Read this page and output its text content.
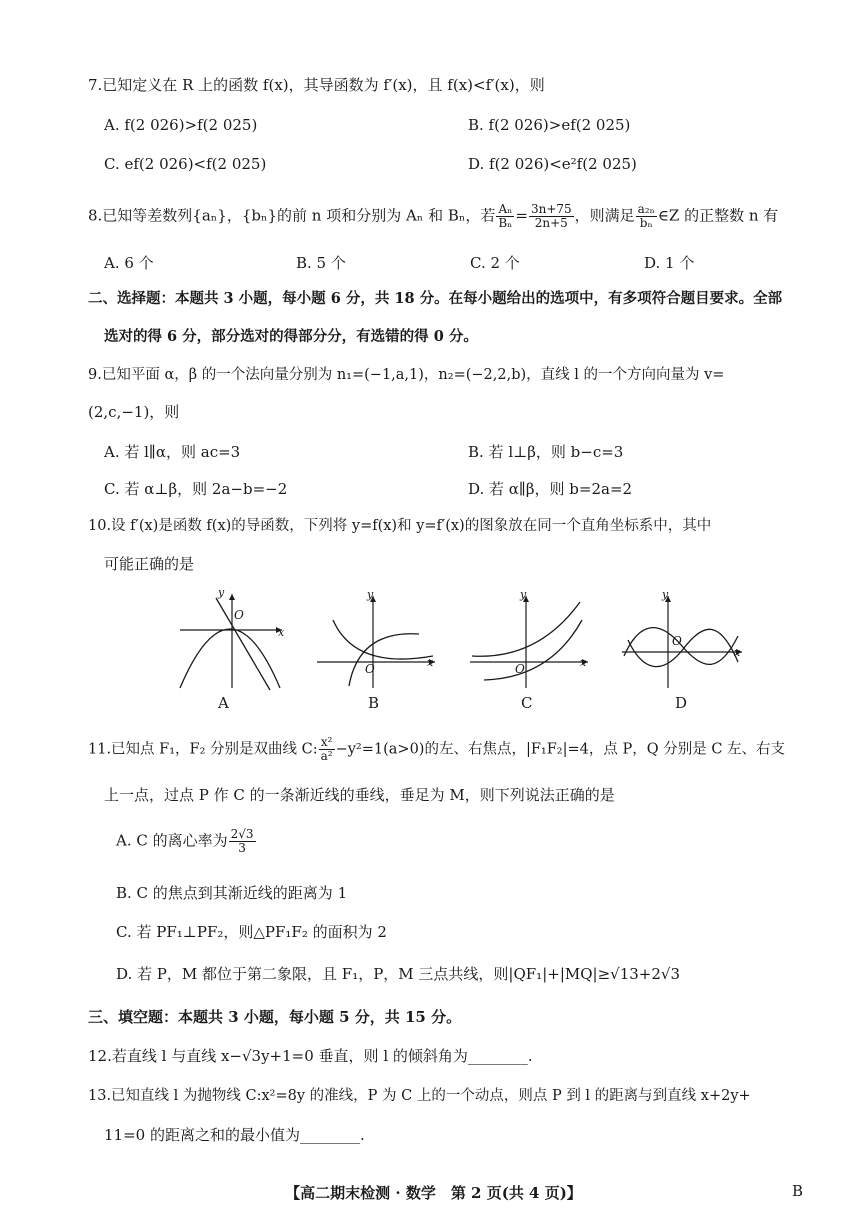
7.已知定义在 R 上的函数 f(x)，其导函数为 f′(x)，且 f(x)<f′(x)，则
A. f(2 026)>f(2 025)	B. f(2 026)>ef(2 025)
C. ef(2 026)<f(2 025)	D. f(2 026)<e²f(2 025)
8.已知等差数列{aₙ}，{bₙ}的前 n 项和分别为 Aₙ 和 Bₙ，若 $\frac{\text{Aₙ}}{\text{Bₙ}} = \frac{3n+75}{2n+5}$ ，则满足 $\frac{\text{a₂ₙ}}{\text{bₙ}}$ ∈Z 的正整数 n 有
A. 6 个	B. 5 个	C. 2 个	D. 1 个
二、选择题：本题共 3 小题，每小题 6 分，共 18 分。在每小题给出的选项中，有多项符合题目要求。全部
选对的得 6 分，部分选对的得部分分，有选错的得 0 分。
9.已知平面 α，β 的一个法向量分别为 n₁=(−1,a,1)，n₂=(−2,2,b)，直线 l 的一个方向向量为 v=
(2,c,−1)，则
A. 若 l∥α，则 ac=3	B. 若 l⊥β，则 b−c=3
C. 若 α⊥β，则 2a−b=−2	D. 若 α∥β，则 b=2a=2
10.设 f′(x)是函数 f(x)的导函数，下列将 y=f(x)和 y=f′(x)的图象放在同一个直角坐标系中，其中
可能正确的是
O
x
y
A
O	x
y
B
O	x
y
C
O
x
y
D
11.已知点 F₁，F₂ 分别是双曲线 C: $\frac{\text{x²}}{\text{a²}} -y^2=1(a>0)$的左、右焦点，|F₁F₂|=4，点 P，Q 分别是 C 左、右支
上一点，过点 P 作 C 的一条渐近线的垂线，垂足为 M，则下列说法正确的是
A. C 的离心率为 $\frac{2√3}{3}$
B. C 的焦点到其渐近线的距离为 1
C. 若 PF₁⊥PF₂，则△PF₁F₂ 的面积为 2
D. 若 P，M 都位于第二象限，且 F₁，P，M 三点共线，则|QF₁|+|MQ|≥√13+2√3
三、填空题：本题共 3 小题，每小题 5 分，共 15 分。
12.若直线 l 与直线 x−√3y+1=0 垂直，则 l 的倾斜角为________.
13.已知直线 l 为抛物线 C:x²=8y 的准线，P 为 C 上的一个动点，则点 P 到 l 的距离与到直线 x+2y+
11=0 的距离之和的最小值为________.
【高二期末检测 · 数学　第 2 页(共 4 页)】	B
